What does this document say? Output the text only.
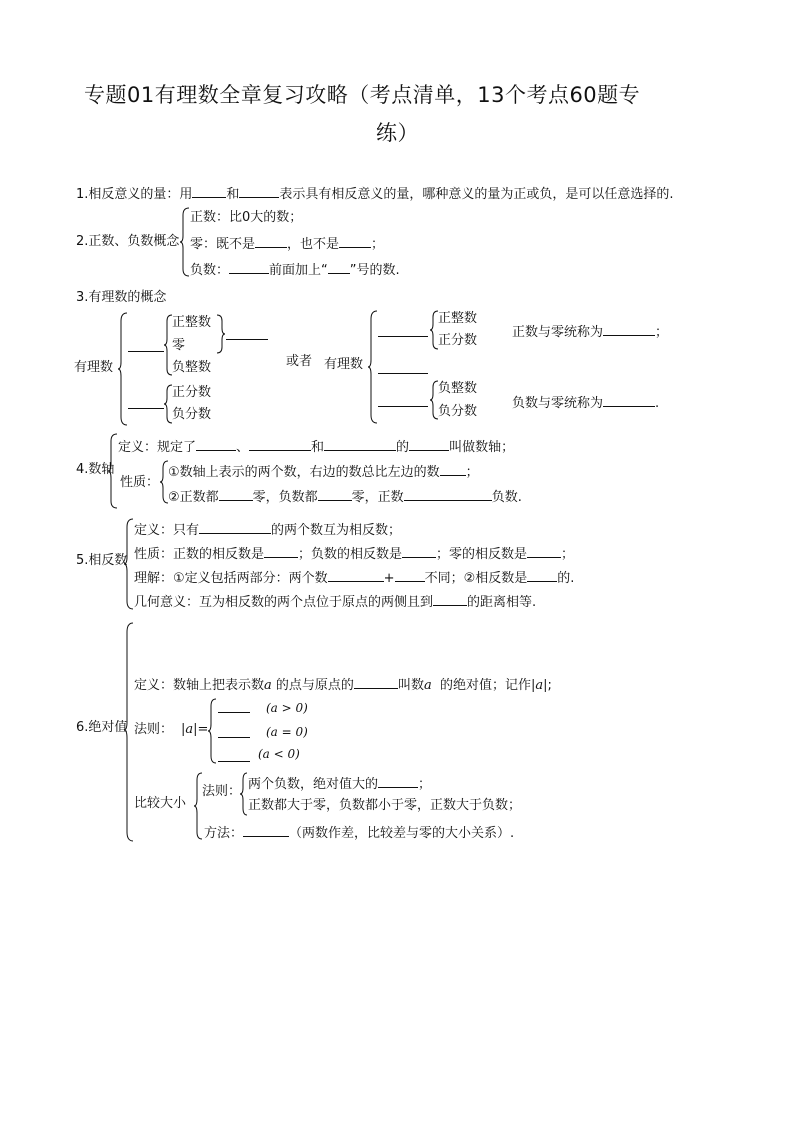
专题01有理数全章复习攻略（考点清单，13个考点60题专
练）
1.相反意义的量：用	和	表示具有相反意义的量，哪种意义的量为正或负，是可以任意选择的.
2.正数、负数概念
正数：比0大的数；
零：既不是 ，也不是 ；
负数：	前面加上“ ”号的数.
3.有理数的概念
有理数
正整数
零
负整数
正分数
负分数
或者 有理数
正整数
正分数
负整数
负分数
正数与零统称为	；
负数与零统称为	.
4.数轴
定义：规定了	、	和	的	叫做数轴；
性质：
①数轴上表示的两个数，右边的数总比左边的数 ；
②正数都	零，负数都	零，正数	负数.
5.相反数
定义：只有	的两个数互为相反数；
性质：正数的相反数是	；负数的相反数是	；零的相反数是	；
理解：①定义包括两部分：两个数	+ 不同；②相反数是 的.
几何意义：互为相反数的两个点位于原点的两侧且到	的距离相等.
6.绝对值
定义：数轴上把表示数a 的点与原点的	叫数a 的绝对值；记作|a|;
法则： |a|=
(a > 0)
(a = 0)
(a < 0)
比较大小
法则： 两个负数，绝对值大的	；
正数都大于零，负数都小于零，正数大于负数；
方法：	（两数作差，比较差与零的大小关系）.
